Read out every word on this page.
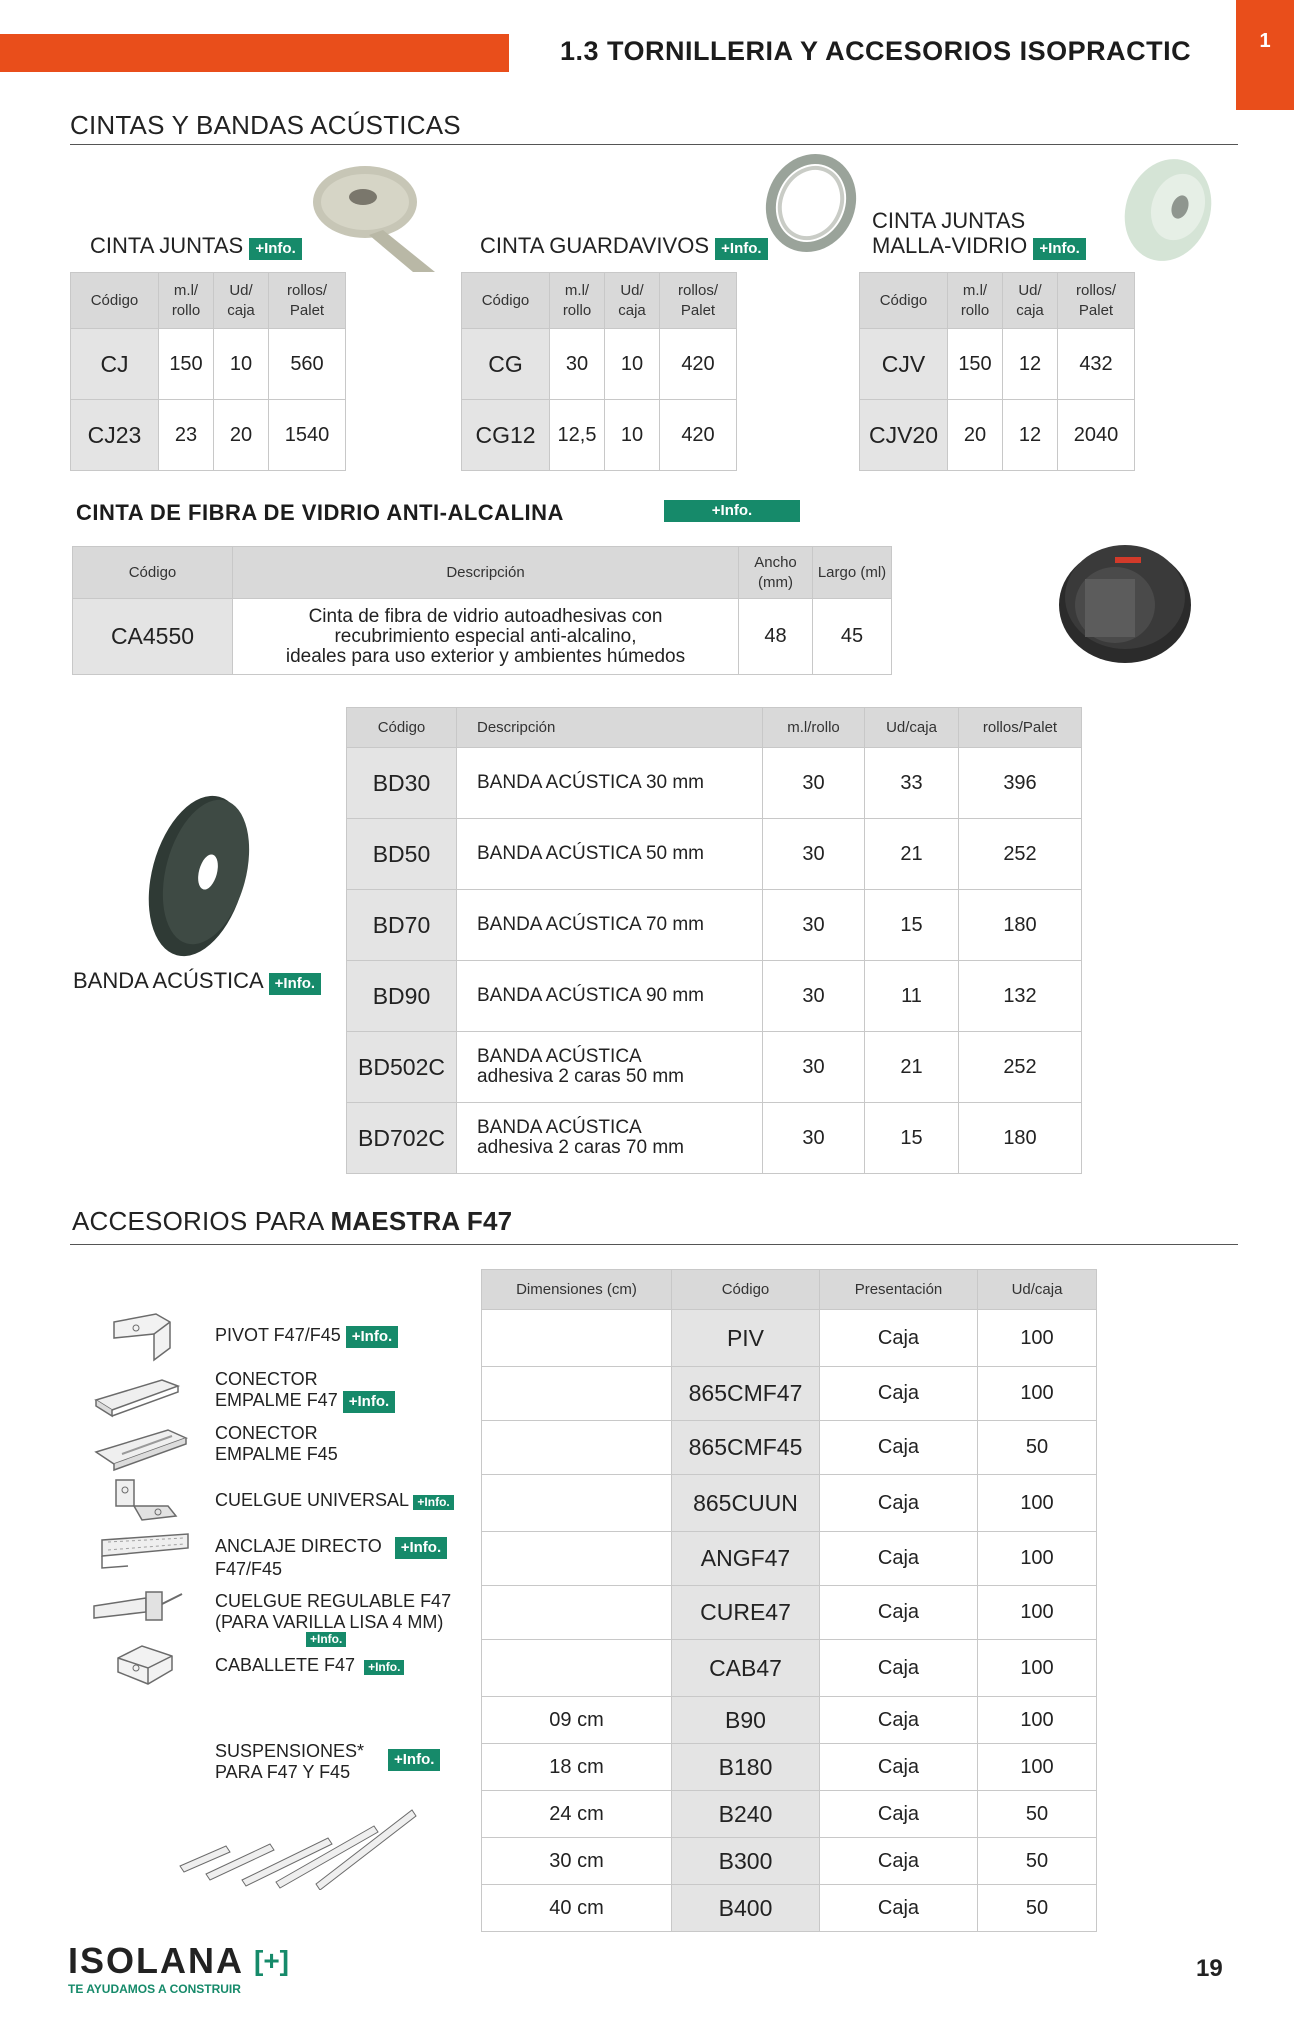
1.3 TORNILLERIA Y ACCESORIOS ISOPRACTIC	1
CINTAS Y BANDAS ACÚSTICAS
CINTA JUNTAS +Info.
Código	m.l/ rollo	Ud/ caja	rollos/ Palet
CJ	150	10	560
CJ23	23	20	1540
CINTA GUARDAVIVOS +Info.
Código	m.l/ rollo	Ud/ caja	rollos/ Palet
CG	30	10	420
CG12	12,5	10	420
CINTA JUNTAS
MALLA-VIDRIO +Info.
Código	m.l/ rollo	Ud/ caja	rollos/ Palet
CJV	150	12	432
CJV20	20	12	2040
CINTA DE FIBRA DE VIDRIO ANTI-ALCALINA	+Info.
Código	Descripción	Ancho (mm)	Largo (ml)
CA4550	Cinta de fibra de vidrio autoadhesivas con
recubrimiento especial anti-alcalino,
ideales para uso exterior y ambientes húmedos	48	45
BANDA ACÚSTICA +Info.
Código	Descripción	m.l/rollo	Ud/caja	rollos/Palet
BD30	BANDA ACÚSTICA 30 mm	30	33	396
BD50	BANDA ACÚSTICA 50 mm	30	21	252
BD70	BANDA ACÚSTICA 70 mm	30	15	180
BD90	BANDA ACÚSTICA 90 mm	30	11	132
BD502C	BANDA ACÚSTICA
adhesiva 2 caras 50 mm	30	21	252
BD702C	BANDA ACÚSTICA
adhesiva 2 caras 70 mm	30	15	180
ACCESORIOS PARA MAESTRA F47
PIVOT F47/F45 +Info.
CONECTOR
EMPALME F47 +Info.
CONECTOR
EMPALME F45
CUELGUE UNIVERSAL +Info.
ANCLAJE DIRECTO +Info.
F47/F45
CUELGUE REGULABLE F47
(PARA VARILLA LISA 4 MM)
+Info.
CABALLETE F47 +Info.
SUSPENSIONES*
PARA F47 Y F45
+Info.
Dimensiones (cm)	Código	Presentación	Ud/caja
	PIV	Caja	100
	865CMF47	Caja	100
	865CMF45	Caja	50
	865CUUN	Caja	100
	ANGF47	Caja	100
	CURE47	Caja	100
	CAB47	Caja	100
09 cm	B90	Caja	100
18 cm	B180	Caja	100
24 cm	B240	Caja	50
30 cm	B300	Caja	50
40 cm	B400	Caja	50
ISOLANA [+]
TE AYUDAMOS A CONSTRUIR
19
